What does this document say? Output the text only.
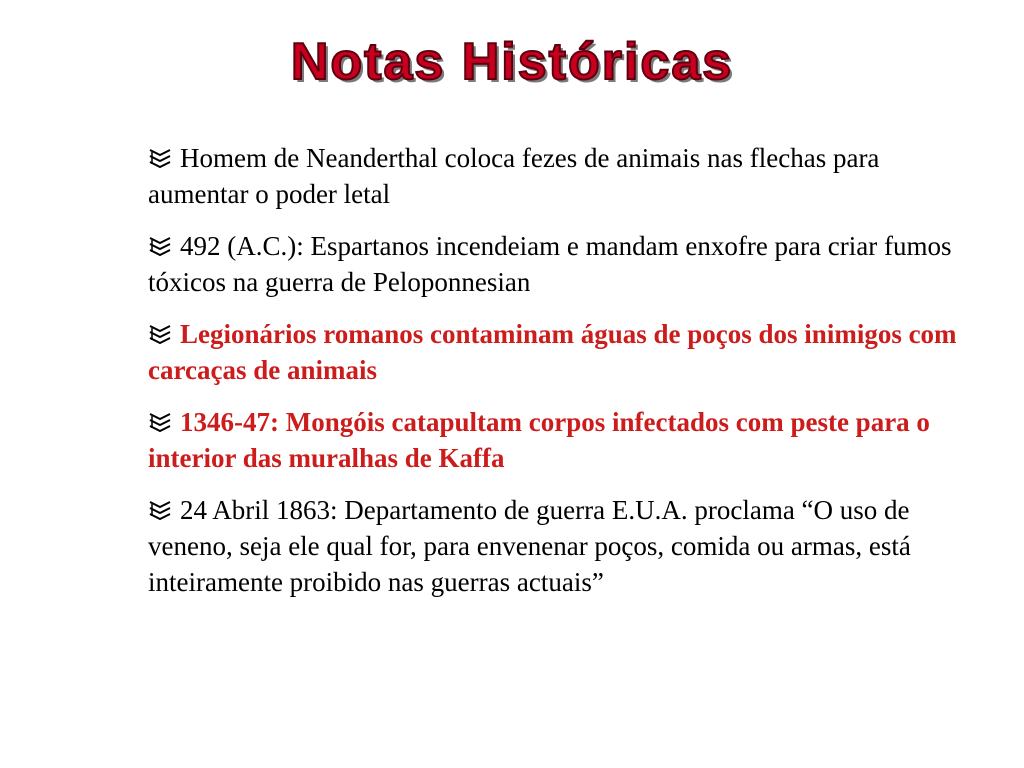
Notas Históricas
Homem de Neanderthal coloca fezes de animais nas flechas para aumentar o poder letal
492 (A.C.): Espartanos incendeiam e mandam enxofre para criar fumos tóxicos na guerra de Peloponnesian
Legionários romanos contaminam águas de poços dos inimigos com carcaças de animais
1346-47: Mongóis catapultam corpos infectados com peste para o interior das muralhas de Kaffa
24 Abril 1863: Departamento de guerra E.U.A. proclama “O uso de veneno, seja ele qual for, para envenenar poços, comida ou armas, está inteiramente proibido nas guerras actuais”
